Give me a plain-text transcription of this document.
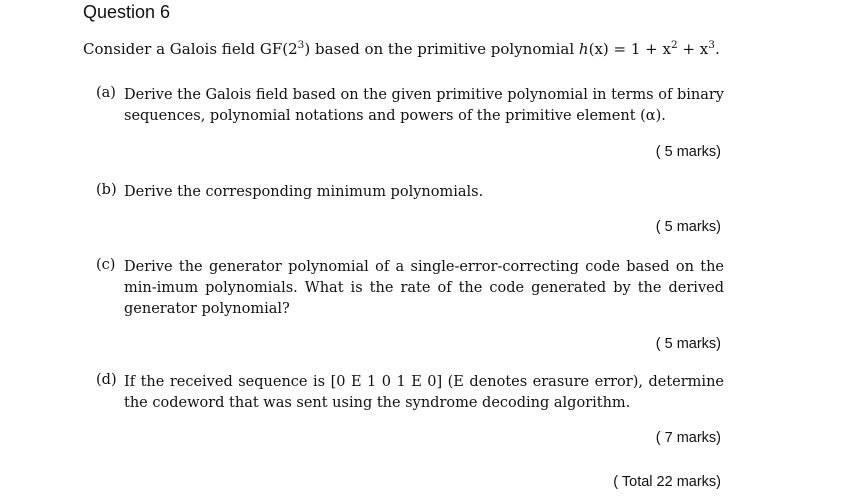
Question 6
Consider a Galois field $GF(2^3)$ based on the primitive polynomial $h(x) = 1 + x^2 + x^3$.
(a) Derive the Galois field based on the given primitive polynomial in terms of binary sequences, polynomial notations and powers of the primitive element (α).
( 5 marks)
(b) Derive the corresponding minimum polynomials.
( 5 marks)
(c) Derive the generator polynomial of a single-error-correcting code based on the min-imum polynomials. What is the rate of the code generated by the derived generator polynomial?
( 5 marks)
(d) If the received sequence is [0 E 1 0 1 E 0] (E denotes erasure error), determine the codeword that was sent using the syndrome decoding algorithm.
( 7 marks)
( Total 22 marks)
